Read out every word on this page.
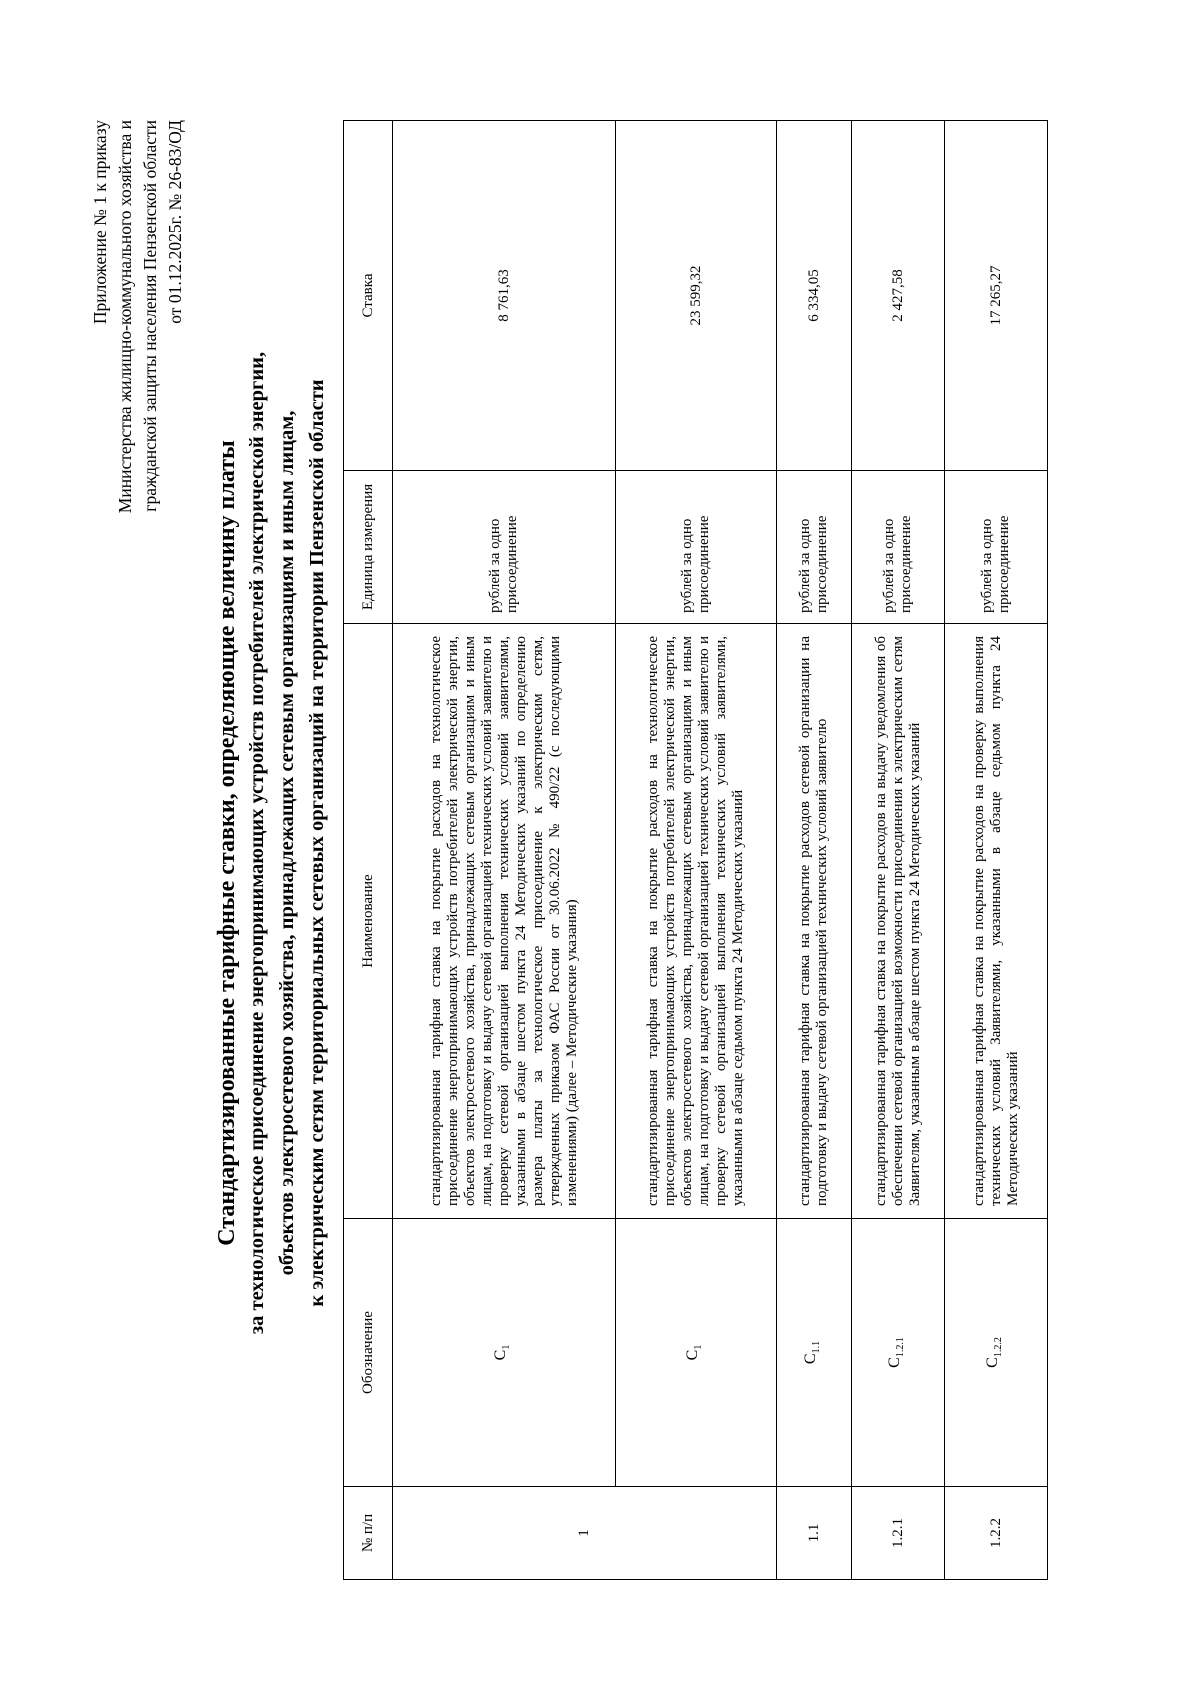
Приложение № 1 к приказу Министерства жилищно-коммунального хозяйства и гражданской защиты населения Пензенской области от 01.12.2025г. № 26-83/ОД
Стандартизированные тарифные ставки, определяющие величину платы за технологическое присоединение энергопринимающих устройств потребителей электрической энергии, объектов электросетевого хозяйства, принадлежащих сетевым организациям и иным лицам, к электрическим сетям территориальных сетевых организаций на территории Пензенской области
№ п/п	Обозначение	Наименование	Единица измерения	Ставка
1	$С_1$	стандартизированная тарифная ставка на покрытие расходов на технологическое присоединение энергопринимающих устройств потребителей электрической энергии, объектов электросетевого хозяйства, принадлежащих сетевым организациям и иным лицам, на подготовку и выдачу сетевой организацией технических условий заявителю и проверку сетевой организацией выполнения технических условий заявителями, указанными в абзаце шестом пункта 24 Методических указаний по определению размера платы за технологическое присоединение к электрическим сетям, утвержденных приказом ФАС России от 30.06.2022 № 490/22 (с последующими изменениями) (далее – Методические указания)	рублей за одно присоединение	8 761,63
	$С_1$	стандартизированная тарифная ставка на покрытие расходов на технологическое присоединение энергопринимающих устройств потребителей электрической энергии, объектов электросетевого хозяйства, принадлежащих сетевым организациям и иным лицам, на подготовку и выдачу сетевой организацией технических условий заявителю и проверку сетевой организацией выполнения технических условий заявителями, указанными в абзаце седьмом пункта 24 Методических указаний	рублей за одно присоединение	23 599,32
1.1	$С_{1.1}$	стандартизированная тарифная ставка на покрытие расходов сетевой организации на подготовку и выдачу сетевой организацией технических условий заявителю	рублей за одно присоединение	6 334,05
1.2.1	$С_{1.2.1}$	стандартизированная тарифная ставка на покрытие расходов на выдачу уведомления об обеспечении сетевой организацией возможности присоединения к электрическим сетям Заявителям, указанным в абзаце шестом пункта 24 Методических указаний	рублей за одно присоединение	2 427,58
1.2.2	$С_{1.2.2}$	стандартизированная тарифная ставка на покрытие расходов на проверку выполнения технических условий Заявителями, указанными в абзаце седьмом пункта 24 Методических указаний	рублей за одно присоединение	17 265,27
